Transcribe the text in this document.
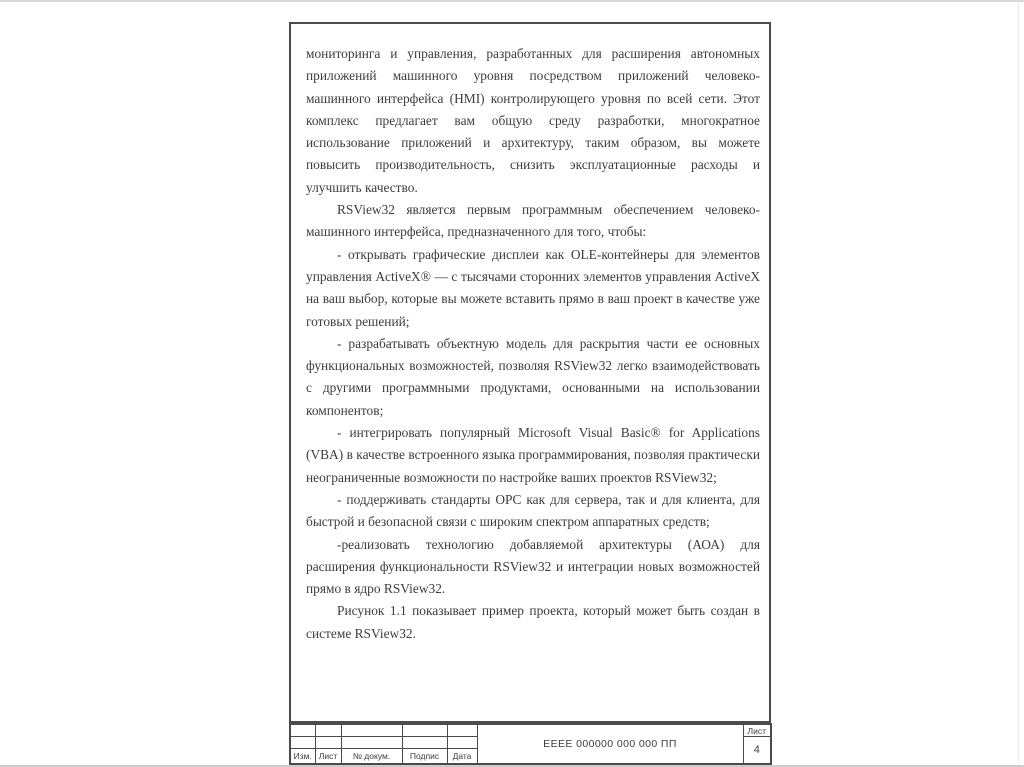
мониторинга и управления, разработанных для расширения автономных приложений машинного уровня посредством приложений человеко-машинного интерфейса (HMI) контролирующего уровня по всей сети. Этот комплекс предлагает вам общую среду разработки, многократное использование приложений и архитектуру, таким образом, вы можете повысить производительность, снизить эксплуатационные расходы и улучшить качество.

RSView32 является первым программным обеспечением человеко-машинного интерфейса, предназначенного для того, чтобы:

- открывать графические дисплеи как OLE-контейнеры для элементов управления ActiveX® — с тысячами сторонних элементов управления ActiveX на ваш выбор, которые вы можете вставить прямо в ваш проект в качестве уже готовых решений;

- разрабатывать объектную модель для раскрытия части ее основных функциональных возможностей, позволяя RSView32 легко взаимодействовать с другими программными продуктами, основанными на использовании компонентов;

- интегрировать популярный Microsoft Visual Basic® for Applications (VBA) в качестве встроенного языка программирования, позволяя практически неограниченные возможности по настройке ваших проектов RSView32;

- поддерживать стандарты OPC как для сервера, так и для клиента, для быстрой и безопасной связи с широким спектром аппаратных средств;

-реализовать технологию добавляемой архитектуры (АОА) для расширения функциональности RSView32 и интеграции новых возможностей прямо в ядро RSView32.

Рисунок 1.1 показывает пример проекта, который может быть создан в системе RSView32.

					ЕЕЕЕ 000000 000 000 ПП	Лист
						4
Изм.	Лист	№ докум.	Подпис	Дата		
